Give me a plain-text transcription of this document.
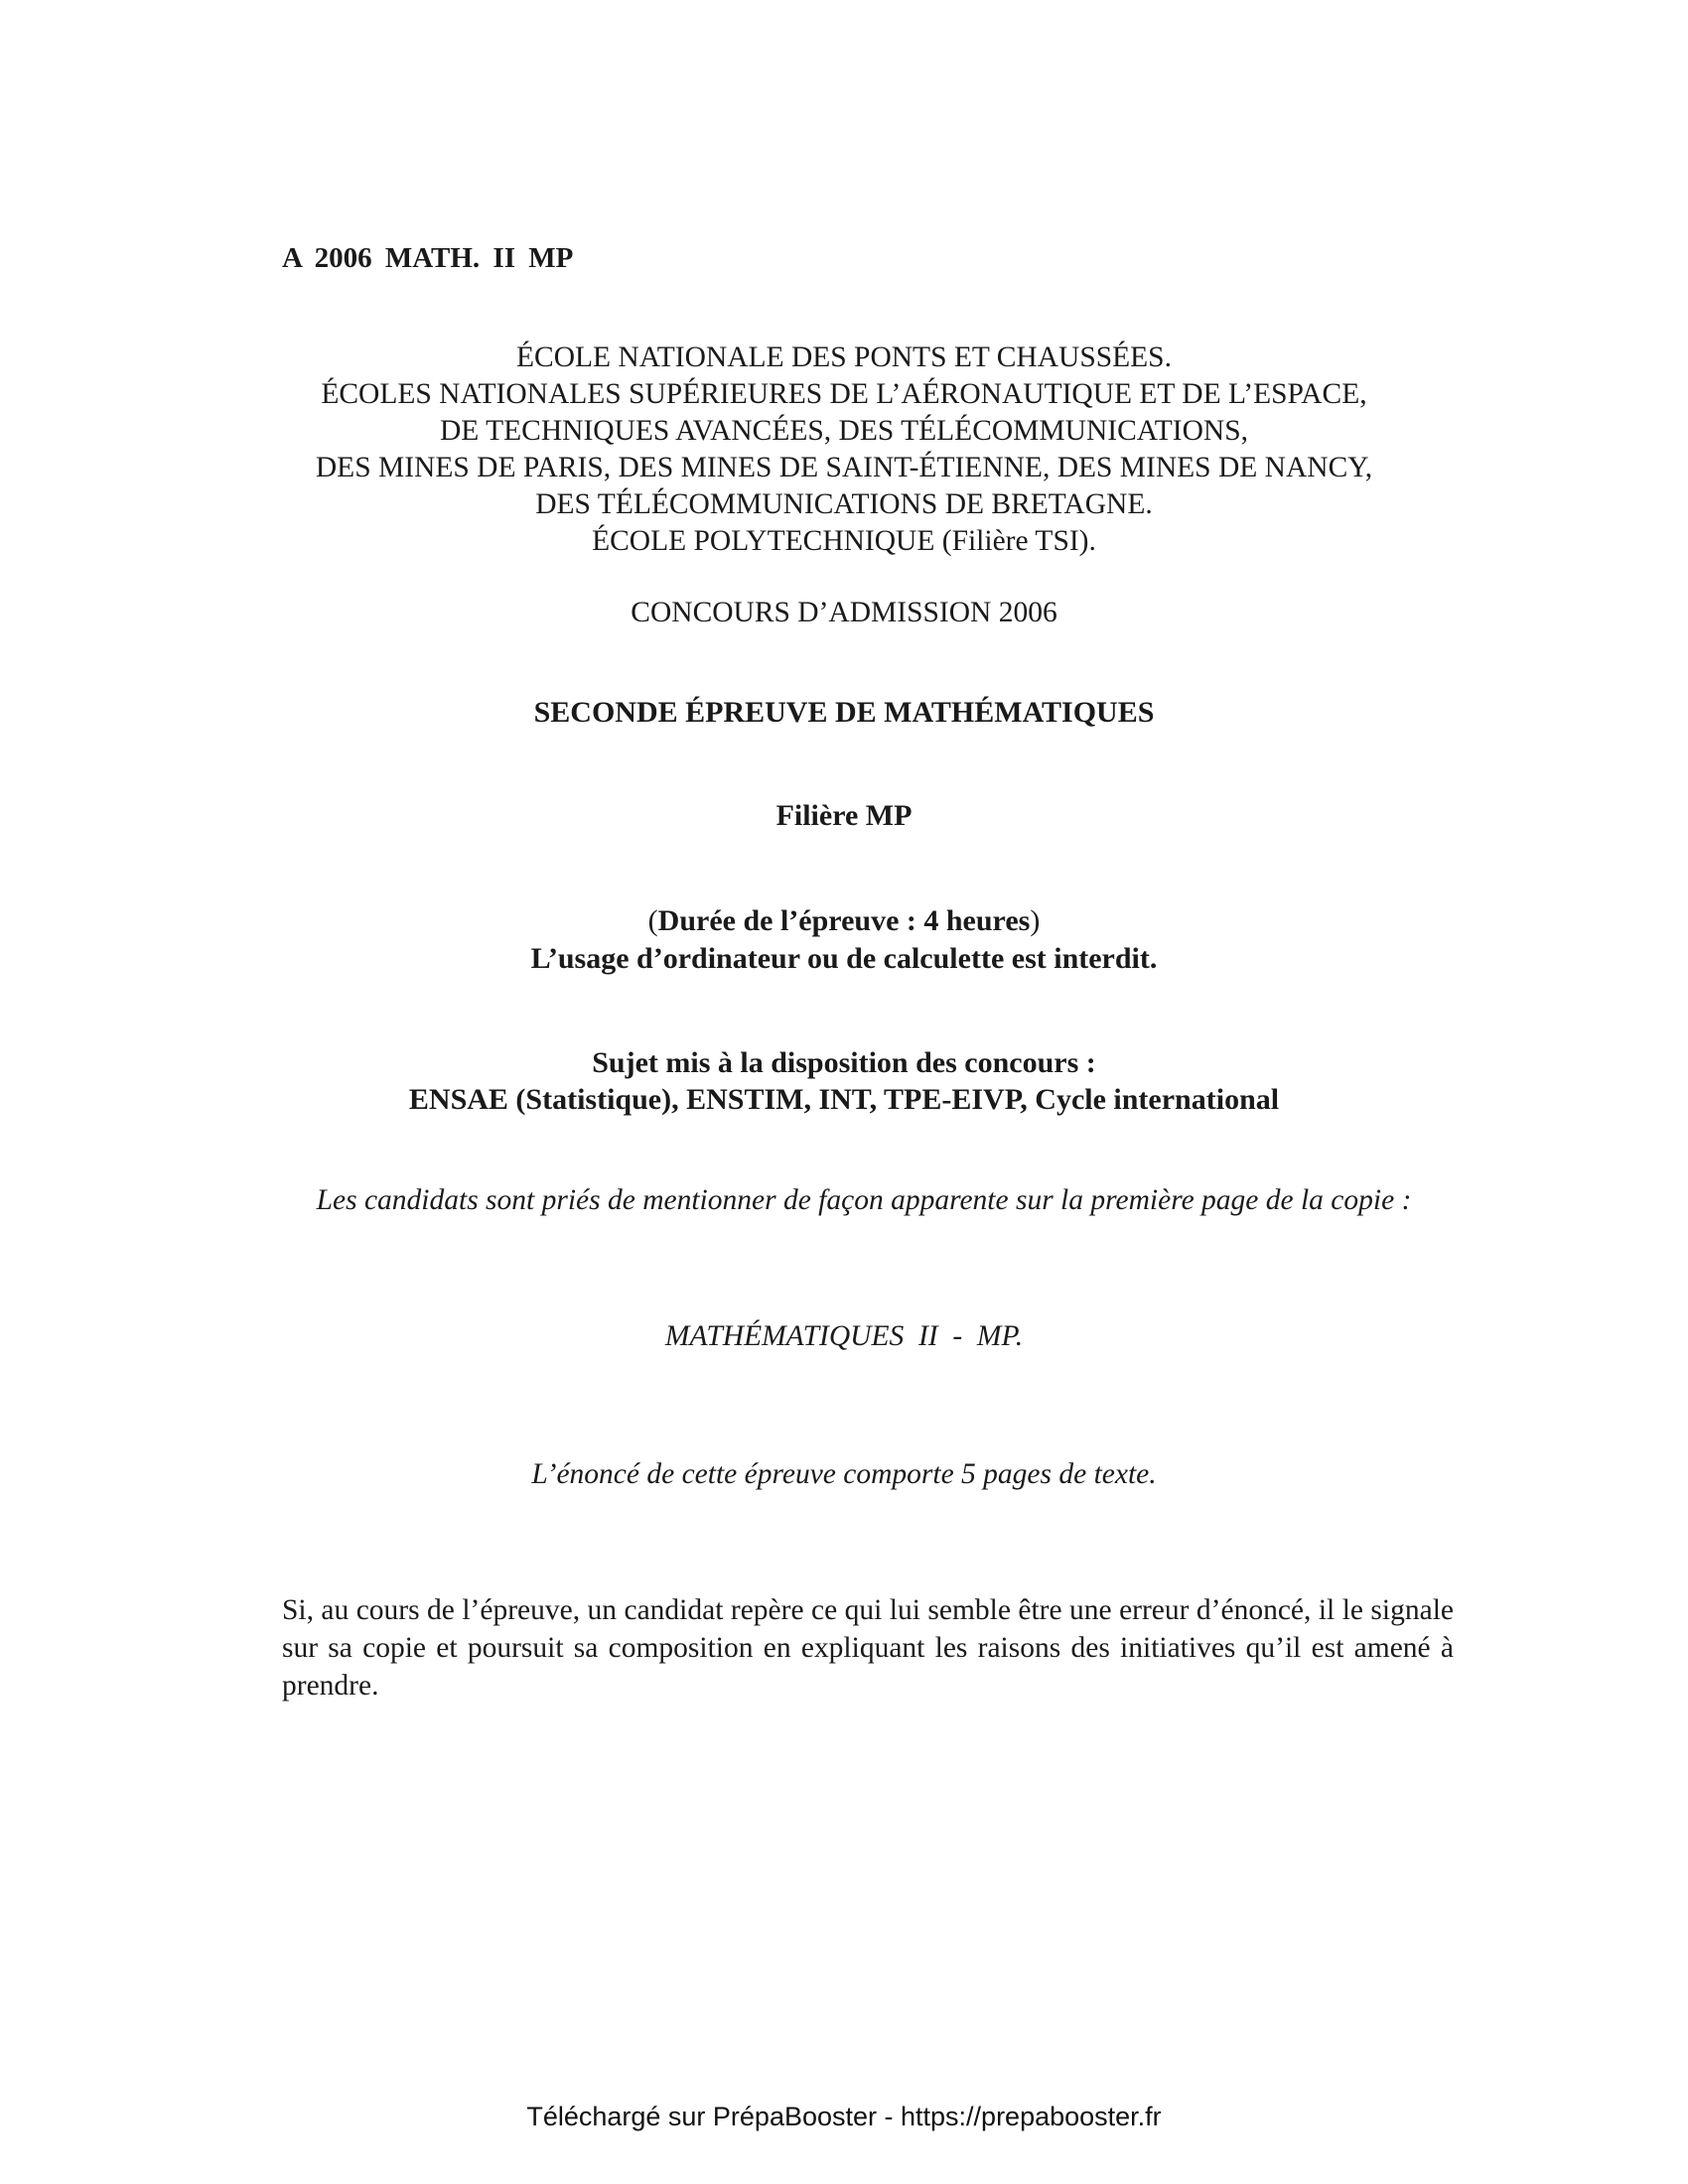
A 2006 MATH. II MP
ÉCOLE NATIONALE DES PONTS ET CHAUSSÉES.
ÉCOLES NATIONALES SUPÉRIEURES DE L’AÉRONAUTIQUE ET DE L’ESPACE,
DE TECHNIQUES AVANCÉES, DES TÉLÉCOMMUNICATIONS,
DES MINES DE PARIS, DES MINES DE SAINT-ÉTIENNE, DES MINES DE NANCY,
DES TÉLÉCOMMUNICATIONS DE BRETAGNE.
ÉCOLE POLYTECHNIQUE (Filière TSI).
CONCOURS D’ADMISSION 2006
SECONDE ÉPREUVE DE MATHÉMATIQUES
Filière MP
(Durée de l’épreuve : 4 heures)
L’usage d’ordinateur ou de calculette est interdit.
Sujet mis à la disposition des concours :
ENSAE (Statistique), ENSTIM, INT, TPE-EIVP, Cycle international
Les candidats sont priés de mentionner de façon apparente sur la première page de la copie :
MATHÉMATIQUES  II  -  MP.
L’énoncé de cette épreuve comporte 5 pages de texte.
Si, au cours de l’épreuve, un candidat repère ce qui lui semble être une erreur d’énoncé, il le signale sur sa copie et poursuit sa composition en expliquant les raisons des initiatives qu’il est amené à prendre.
Téléchargé sur PrépaBooster - https://prepabooster.fr
